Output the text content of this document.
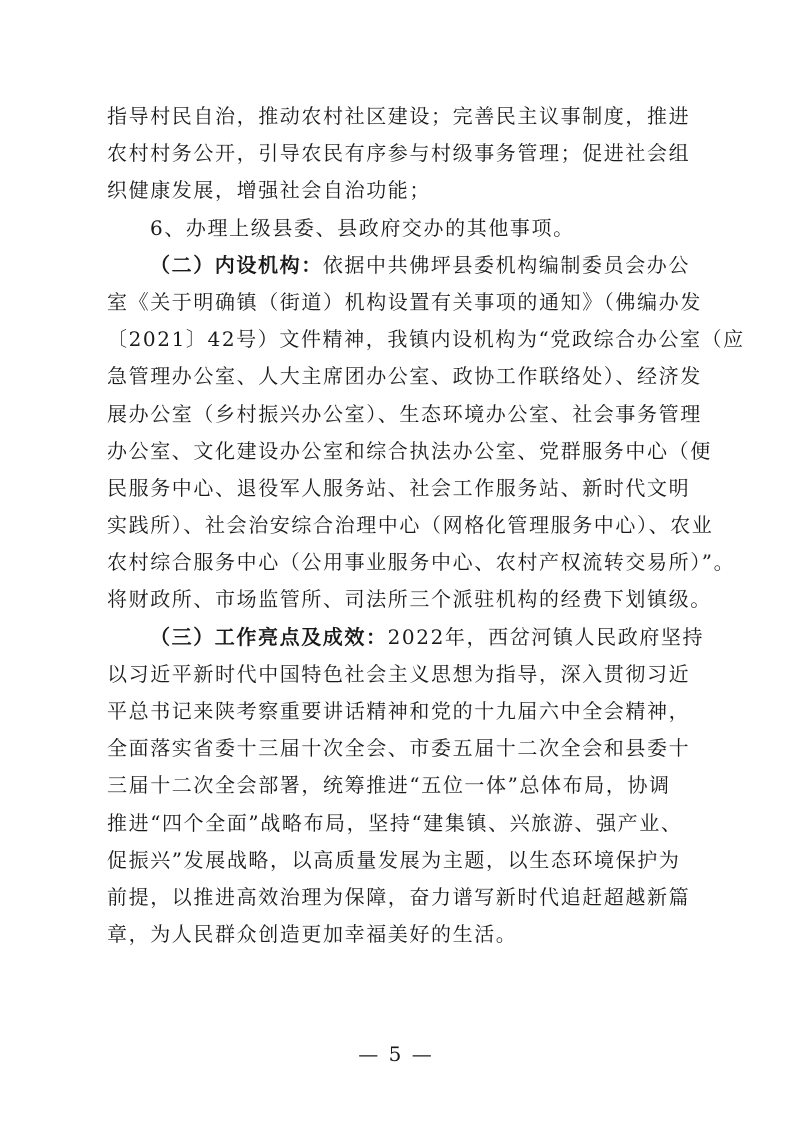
指导村民自治，推动农村社区建设；完善民主议事制度，推进
农村村务公开，引导农民有序参与村级事务管理；促进社会组
织健康发展，增强社会自治功能；
6、办理上级县委、县政府交办的其他事项。
（二）内设机构：依据中共佛坪县委机构编制委员会办公
室《关于明确镇（街道）机构设置有关事项的通知》（佛编办发
〔2021〕42号）文件精神，我镇内设机构为“党政综合办公室（应
急管理办公室、人大主席团办公室、政协工作联络处）、经济发
展办公室（乡村振兴办公室）、生态环境办公室、社会事务管理
办公室、文化建设办公室和综合执法办公室、党群服务中心（便
民服务中心、退役军人服务站、社会工作服务站、新时代文明
实践所）、社会治安综合治理中心（网格化管理服务中心）、农业
农村综合服务中心（公用事业服务中心、农村产权流转交易所）”。
将财政所、市场监管所、司法所三个派驻机构的经费下划镇级。
（三）工作亮点及成效：2022年，西岔河镇人民政府坚持
以习近平新时代中国特色社会主义思想为指导，深入贯彻习近
平总书记来陕考察重要讲话精神和党的十九届六中全会精神，
全面落实省委十三届十次全会、市委五届十二次全会和县委十
三届十二次全会部署，统筹推进“五位一体”总体布局，协调
推进“四个全面”战略布局，坚持“建集镇、兴旅游、强产业、
促振兴”发展战略，以高质量发展为主题，以生态环境保护为
前提，以推进高效治理为保障，奋力谱写新时代追赶超越新篇
章，为人民群众创造更加幸福美好的生活。
— 5 —
